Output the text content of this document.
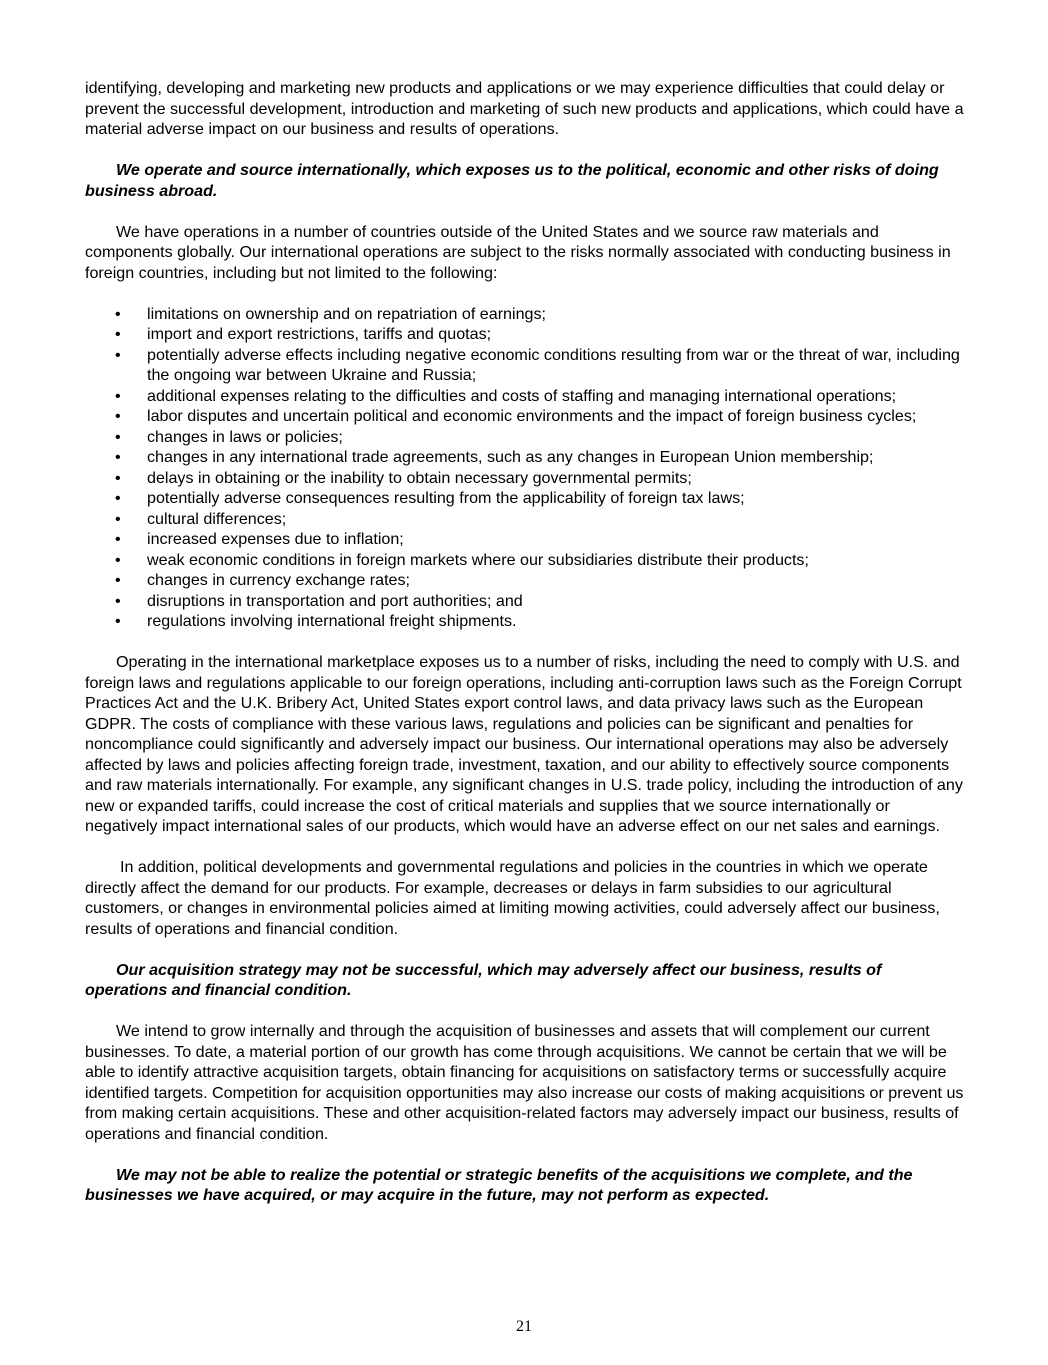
identifying, developing and marketing new products and applications or we may experience difficulties that could delay or prevent the successful development, introduction and marketing of such new products and applications, which could have a material adverse impact on our business and results of operations.

We operate and source internationally, which exposes us to the political, economic and other risks of doing business abroad.

We have operations in a number of countries outside of the United States and we source raw materials and components globally. Our international operations are subject to the risks normally associated with conducting business in foreign countries, including but not limited to the following:

• limitations on ownership and on repatriation of earnings;
• import and export restrictions, tariffs and quotas;
• potentially adverse effects including negative economic conditions resulting from war or the threat of war, including the ongoing war between Ukraine and Russia;
• additional expenses relating to the difficulties and costs of staffing and managing international operations;
• labor disputes and uncertain political and economic environments and the impact of foreign business cycles;
• changes in laws or policies;
• changes in any international trade agreements, such as any changes in European Union membership;
• delays in obtaining or the inability to obtain necessary governmental permits;
• potentially adverse consequences resulting from the applicability of foreign tax laws;
• cultural differences;
• increased expenses due to inflation;
• weak economic conditions in foreign markets where our subsidiaries distribute their products;
• changes in currency exchange rates;
• disruptions in transportation and port authorities; and
• regulations involving international freight shipments.

Operating in the international marketplace exposes us to a number of risks, including the need to comply with U.S. and foreign laws and regulations applicable to our foreign operations, including anti-corruption laws such as the Foreign Corrupt Practices Act and the U.K. Bribery Act, United States export control laws, and data privacy laws such as the European GDPR. The costs of compliance with these various laws, regulations and policies can be significant and penalties for noncompliance could significantly and adversely impact our business. Our international operations may also be adversely affected by laws and policies affecting foreign trade, investment, taxation, and our ability to effectively source components and raw materials internationally. For example, any significant changes in U.S. trade policy, including the introduction of any new or expanded tariffs, could increase the cost of critical materials and supplies that we source internationally or negatively impact international sales of our products, which would have an adverse effect on our net sales and earnings.

In addition, political developments and governmental regulations and policies in the countries in which we operate directly affect the demand for our products. For example, decreases or delays in farm subsidies to our agricultural customers, or changes in environmental policies aimed at limiting mowing activities, could adversely affect our business, results of operations and financial condition.

Our acquisition strategy may not be successful, which may adversely affect our business, results of operations and financial condition.

We intend to grow internally and through the acquisition of businesses and assets that will complement our current businesses. To date, a material portion of our growth has come through acquisitions. We cannot be certain that we will be able to identify attractive acquisition targets, obtain financing for acquisitions on satisfactory terms or successfully acquire identified targets. Competition for acquisition opportunities may also increase our costs of making acquisitions or prevent us from making certain acquisitions. These and other acquisition-related factors may adversely impact our business, results of operations and financial condition.

We may not be able to realize the potential or strategic benefits of the acquisitions we complete, and the businesses we have acquired, or may acquire in the future, may not perform as expected.

21
